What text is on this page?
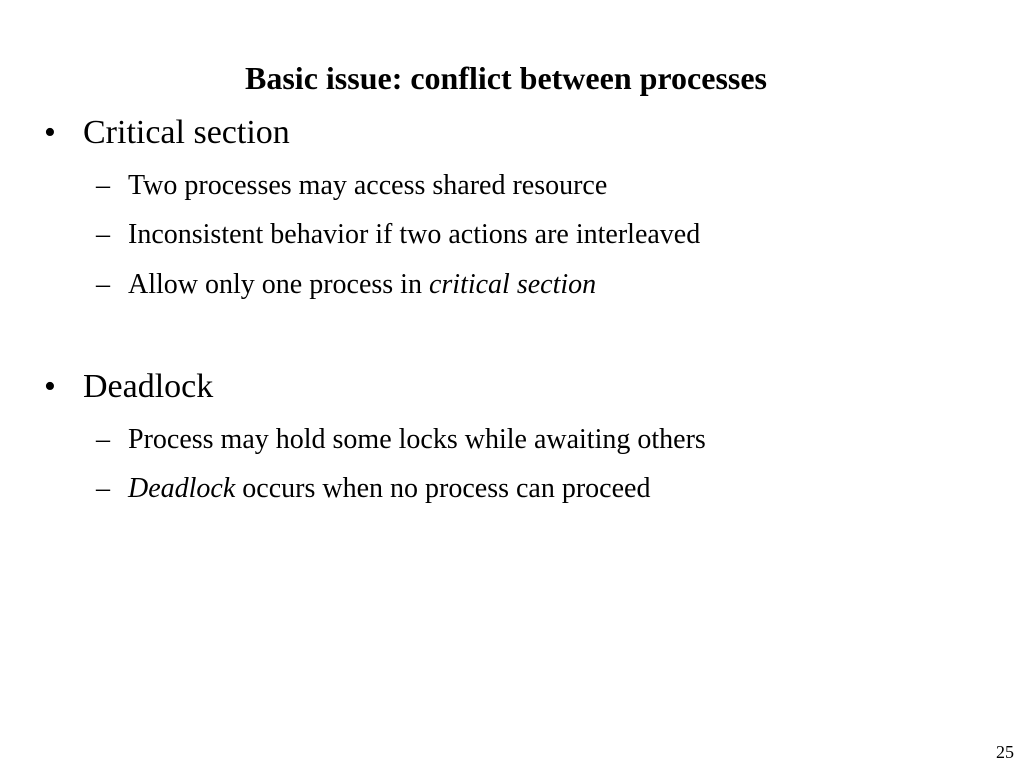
Basic issue: conflict between processes
• Critical section
– Two processes may access shared resource
– Inconsistent behavior if two actions are interleaved
– Allow only one process in critical section
• Deadlock
– Process may hold some locks while awaiting others
– Deadlock occurs when no process can proceed
25
